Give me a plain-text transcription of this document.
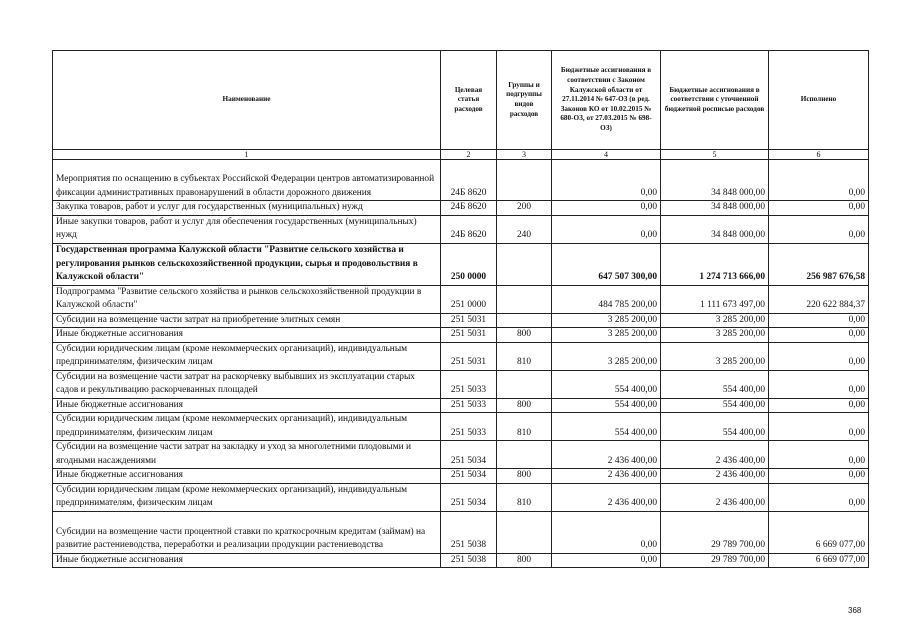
Наименование	Целевая статья расходов	Группы и подгруппы видов расходов	Бюджетные ассигнования в соответствии с Законом Калужской области от 27.11.2014 № 647-ОЗ (в ред. Законов КО от 10.02.2015 № 680-ОЗ, от 27.03.2015 № 698-ОЗ)	Бюджетные ассигнования в соответствии с уточненной бюджетной росписью расходов	Исполнено
1	2	3	4	5	6
Мероприятия по оснащению в субъектах Российской Федерации центров автоматизированной фиксации административных правонарушений в области дорожного движения	24Б 8620		0,00	34 848 000,00	0,00
Закупка товаров, работ и услуг для государственных (муниципальных) нужд	24Б 8620	200	0,00	34 848 000,00	0,00
Иные закупки товаров, работ и услуг для обеспечения государственных (муниципальных) нужд	24Б 8620	240	0,00	34 848 000,00	0,00
Государственная программа Калужской области "Развитие сельского хозяйства и регулирования рынков сельскохозяйственной продукции, сырья и продовольствия в Калужской области"	250 0000		647 507 300,00	1 274 713 666,00	256 987 676,58
Подпрограмма "Развитие сельского хозяйства и рынков сельскохозяйственной продукции в Калужской области"	251 0000		484 785 200,00	1 111 673 497,00	220 622 884,37
Субсидии на возмещение части затрат на приобретение элитных семян	251 5031		3 285 200,00	3 285 200,00	0,00
Иные бюджетные ассигнования	251 5031	800	3 285 200,00	3 285 200,00	0,00
Субсидии юридическим лицам (кроме некоммерческих организаций), индивидуальным предпринимателям, физическим лицам	251 5031	810	3 285 200,00	3 285 200,00	0,00
Субсидии на возмещение части затрат на раскорчевку выбывших из эксплуатации старых садов и рекультивацию раскорчеванных площадей	251 5033		554 400,00	554 400,00	0,00
Иные бюджетные ассигнования	251 5033	800	554 400,00	554 400,00	0,00
Субсидии юридическим лицам (кроме некоммерческих организаций), индивидуальным предпринимателям, физическим лицам	251 5033	810	554 400,00	554 400,00	0,00
Субсидии на возмещение части затрат на закладку и уход за многолетними плодовыми и ягодными насаждениями	251 5034		2 436 400,00	2 436 400,00	0,00
Иные бюджетные ассигнования	251 5034	800	2 436 400,00	2 436 400,00	0,00
Субсидии юридическим лицам (кроме некоммерческих организаций), индивидуальным предпринимателям, физическим лицам	251 5034	810	2 436 400,00	2 436 400,00	0,00
Субсидии на возмещение части процентной ставки по краткосрочным кредитам (займам) на развитие растениеводства, переработки и реализации продукции растениеводства	251 5038		0,00	29 789 700,00	6 669 077,00
Иные бюджетные ассигнования	251 5038	800	0,00	29 789 700,00	6 669 077,00
368
